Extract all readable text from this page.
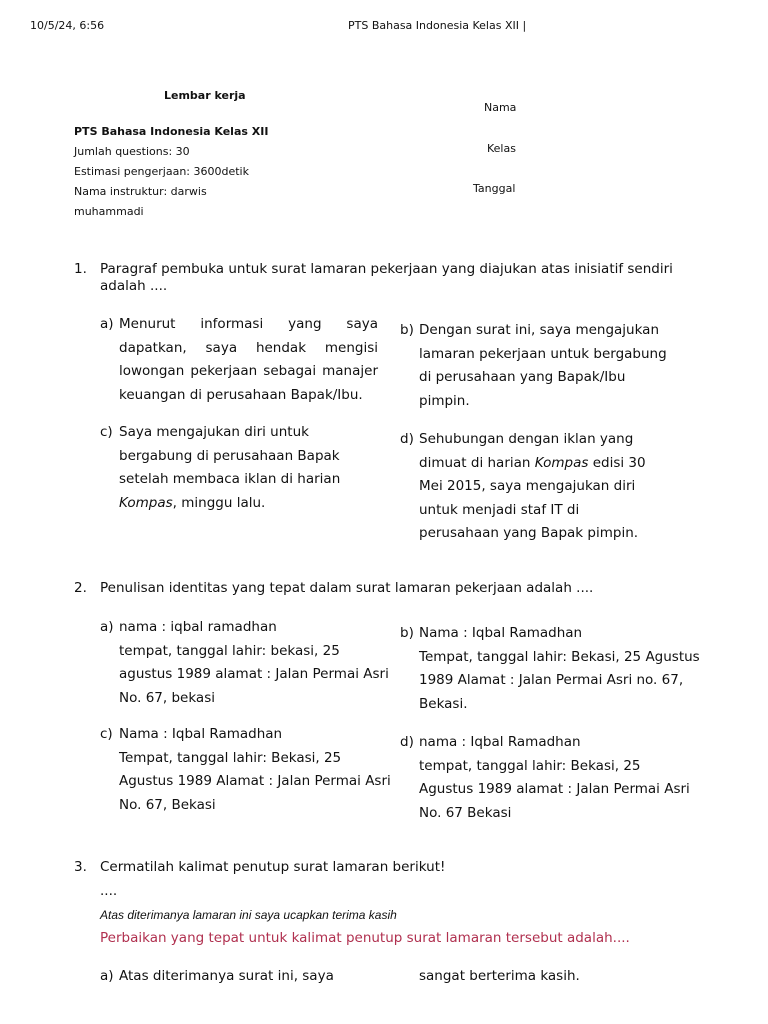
10/5/24, 6:56	PTS Bahasa Indonesia Kelas XII |
Lembar kerja
PTS Bahasa Indonesia Kelas XII
Jumlah questions: 30
Estimasi pengerjaan: 3600detik
Nama instruktur: darwis
muhammadi
Nama
Kelas
Tanggal
1. Paragraf pembuka untuk surat lamaran pekerjaan yang diajukan atas inisiatif sendiri adalah ....
a) Menurut informasi yang saya
dapatkan, saya hendak mengisi
lowongan pekerjaan sebagai manajer
keuangan di perusahaan Bapak/Ibu.
b) Dengan surat ini, saya mengajukan
lamaran pekerjaan untuk bergabung
di perusahaan yang Bapak/Ibu
pimpin.
c) Saya mengajukan diri untuk
bergabung di perusahaan Bapak
setelah membaca iklan di harian
Kompas, minggu lalu.
d) Sehubungan dengan iklan yang
dimuat di harian Kompas edisi 30
Mei 2015, saya mengajukan diri
untuk menjadi staf IT di
perusahaan yang Bapak pimpin.
2. Penulisan identitas yang tepat dalam surat lamaran pekerjaan adalah ....
a) nama : iqbal ramadhan
tempat, tanggal lahir: bekasi, 25
agustus 1989 alamat : Jalan Permai Asri
No. 67, bekasi
b) Nama : Iqbal Ramadhan
Tempat, tanggal lahir: Bekasi, 25 Agustus
1989 Alamat : Jalan Permai Asri no. 67,
Bekasi.
c) Nama : Iqbal Ramadhan
Tempat, tanggal lahir: Bekasi, 25
Agustus 1989 Alamat : Jalan Permai Asri
No. 67, Bekasi
d) nama : Iqbal Ramadhan
tempat, tanggal lahir: Bekasi, 25
Agustus 1989 alamat : Jalan Permai Asri
No. 67 Bekasi
3. Cermatilah kalimat penutup surat lamaran berikut!
....
Atas diterimanya lamaran ini saya ucapkan terima kasih
Perbaikan yang tepat untuk kalimat penutup surat lamaran tersebut adalah....
a) Atas diterimanya surat ini, saya	sangat berterima kasih.
